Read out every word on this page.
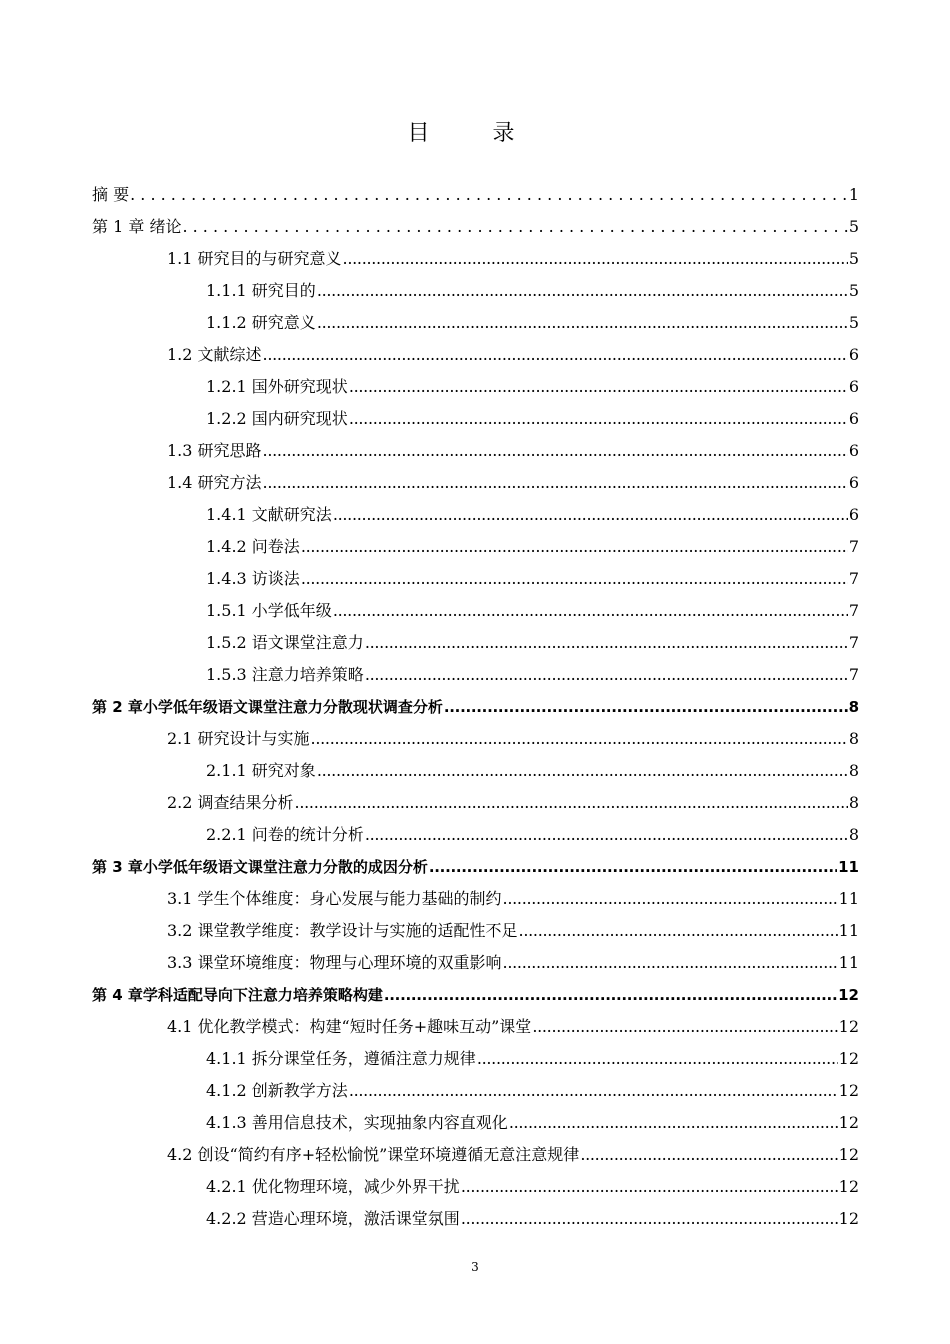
目 录
摘 要 . . .	1
第 1 章 绪论 . . .	5
1.1 研究目的与研究意义 .....	5
1.1.1 研究目的 .....	5
1.1.2 研究意义 .....	5
1.2 文献综述 .....	6
1.2.1 国外研究现状 .....	6
1.2.2 国内研究现状 .....	6
1.3 研究思路 .....	6
1.4 研究方法 .....	6
1.4.1 文献研究法 .....	6
1.4.2 问卷法 .....	7
1.4.3 访谈法 .....	7
1.5.1 小学低年级 .....	7
1.5.2 语文课堂注意力 .....	7
1.5.3 注意力培养策略 .....	7
第 2 章小学低年级语文课堂注意力分散现状调查分析 .....	8
2.1 研究设计与实施 .....	8
2.1.1 研究对象 .....	8
2.2 调查结果分析 .....	8
2.2.1 问卷的统计分析 .....	8
第 3 章小学低年级语文课堂注意力分散的成因分析 .....	11
3.1 学生个体维度：身心发展与能力基础的制约 .....	11
3.2 课堂教学维度：教学设计与实施的适配性不足 .....	11
3.3 课堂环境维度：物理与心理环境的双重影响 .....	11
第 4 章学科适配导向下注意力培养策略构建 .....	12
4.1 优化教学模式：构建“短时任务+趣味互动”课堂 .....	12
4.1.1 拆分课堂任务，遵循注意力规律 .....	12
4.1.2 创新教学方法 .....	12
4.1.3 善用信息技术，实现抽象内容直观化 .....	12
4.2 创设“简约有序+轻松愉悦”课堂环境遵循无意注意规律 .....	12
4.2.1 优化物理环境，减少外界干扰 .....	12
4.2.2 营造心理环境，激活课堂氛围 .....	12
3
